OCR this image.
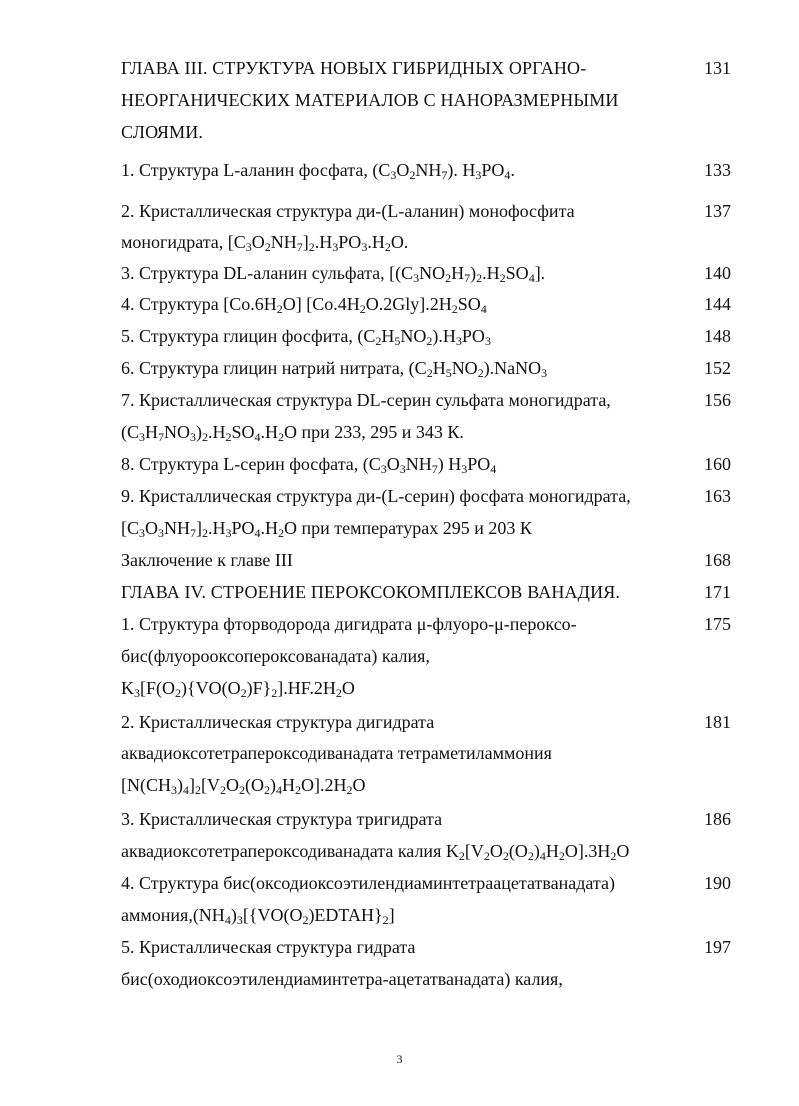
ГЛАВА III. СТРУКТУРА НОВЫХ ГИБРИДНЫХ ОРГАНО-	131
НЕОРГАНИЧЕСКИХ МАТЕРИАЛОВ С НАНОРАЗМЕРНЫМИ
СЛОЯМИ.
1. Структура L-аланин фосфата, $(C_3O_2NH_7)$. $H_3PO_4$.	133
2. Кристаллическая структура ди-(L-аланин) монофосфита	137
моногидрата, $[C_3O_2NH_7]_2.H_3PO_3.H_2O$.
3. Структура DL-аланин сульфата, $[(C_3NO_2H_7)_2.H_2SO_4]$.	140
4. Структура $[Co.6H_2O]$ $[Co.4H_2O.2Gly].2H_2SO_4$	144
5. Структура глицин фосфита, $(C_2H_5NO_2).H_3PO_3$	148
6. Структура глицин натрий нитрата, $(C_2H_5NO_2).NaNO_3$	152
7. Кристаллическая структура DL-серин сульфата моногидрата,	156
$(C_3H_7NO_3)_2.H_2SO_4.H_2O$ при 233, 295 и 343 К.
8. Структура L-серин фосфата, $(C_3O_3NH_7)$ $H_3PO_4$	160
9. Кристаллическая структура ди-(L-серин) фосфата моногидрата,	163
$[C_3O_3NH_7]_2.H_3PO_4.H_2O$ при температурах 295 и 203 К
Заключение к главе III	168
ГЛАВА IV. СТРОЕНИЕ ПЕРОКСОКОМПЛЕКСОВ ВАНАДИЯ.	171
1. Структура фторводорода дигидрата μ-флуоро-μ-пероксо-	175
бис(флуорооксопероксованадата) калия,
$K_3[F(O_2)\{VO(O_2)F\}_2].HF.2H_2O$
2. Кристаллическая структура дигидрата	181
аквадиоксотетрапероксодиванадата тетраметиламмония
$[N(CH_3)_4]_2[V_2O_2(O_2)_4H_2O].2H_2O$
3. Кристаллическая структура тригидрата	186
аквадиоксотетрапероксодиванадата калия $K_2[V_2O_2(O_2)_4H_2O].3H_2O$
4. Структура бис(оксодиоксоэтилендиаминтетраацетатванадата)	190
$аммония,(NH_4)_3[\{VO(O_2)EDTAH\}_2]$
5. Кристаллическая структура гидрата	197
бис(оходиоксоэтилендиаминтетра-ацетатванадата) калия,
3
